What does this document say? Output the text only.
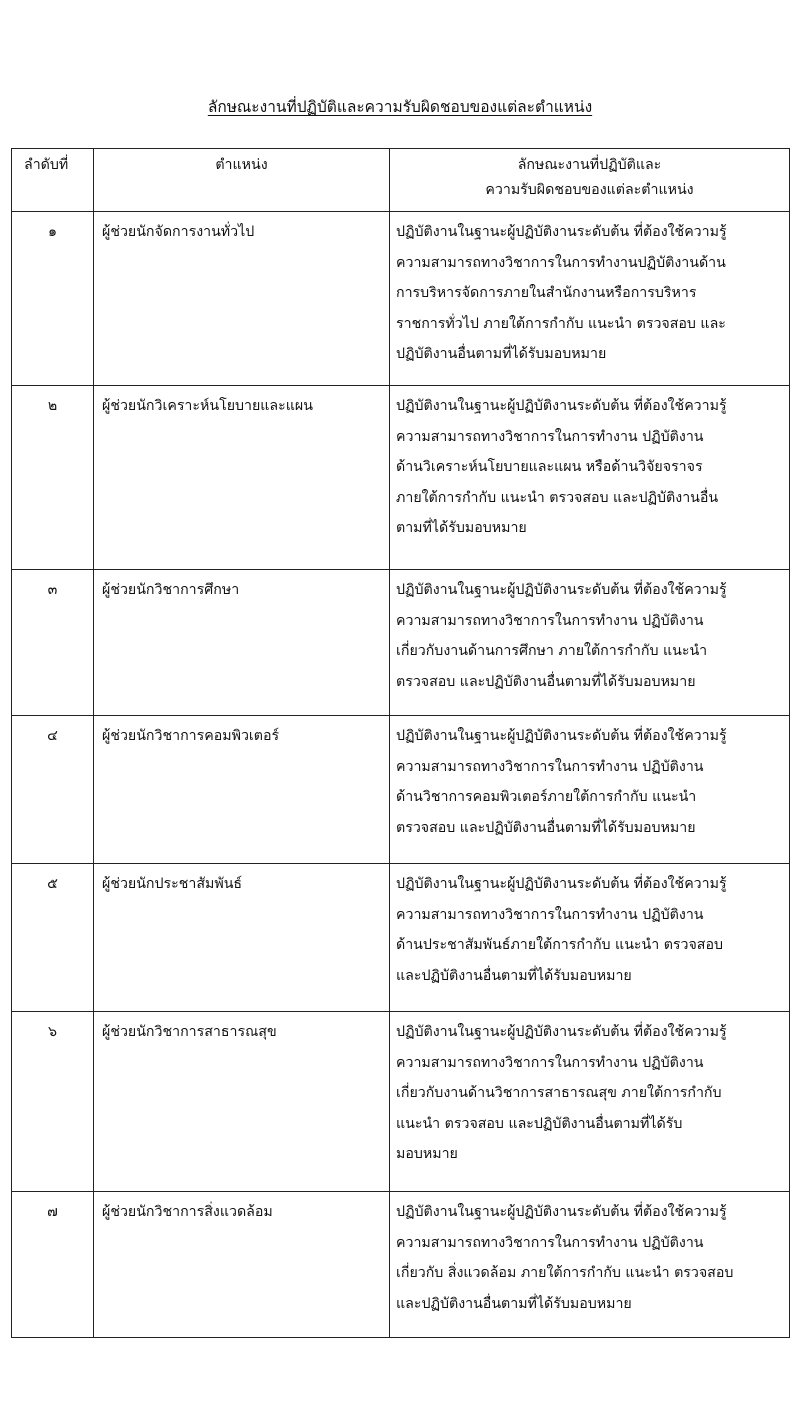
ลักษณะงานที่ปฏิบัติและความรับผิดชอบของแต่ละตำแหน่ง
ลำดับที่	ตำแหน่ง	ลักษณะงานที่ปฏิบัติและ
ความรับผิดชอบของแต่ละตำแหน่ง

๑	ผู้ช่วยนักจัดการงานทั่วไป	ปฏิบัติงานในฐานะผู้ปฏิบัติงานระดับต้น ที่ต้องใช้ความรู้
ความสามารถทางวิชาการในการทำงานปฏิบัติงานด้าน
การบริหารจัดการภายในสำนักงานหรือการบริหาร
ราชการทั่วไป ภายใต้การกำกับ แนะนำ ตรวจสอบ และ
ปฏิบัติงานอื่นตามที่ได้รับมอบหมาย

๒	ผู้ช่วยนักวิเคราะห์นโยบายและแผน	ปฏิบัติงานในฐานะผู้ปฏิบัติงานระดับต้น ที่ต้องใช้ความรู้
ความสามารถทางวิชาการในการทำงาน ปฏิบัติงาน
ด้านวิเคราะห์นโยบายและแผน หรือด้านวิจัยจราจร
ภายใต้การกำกับ แนะนำ ตรวจสอบ และปฏิบัติงานอื่น
ตามที่ได้รับมอบหมาย

๓	ผู้ช่วยนักวิชาการศึกษา	ปฏิบัติงานในฐานะผู้ปฏิบัติงานระดับต้น ที่ต้องใช้ความรู้
ความสามารถทางวิชาการในการทำงาน ปฏิบัติงาน
เกี่ยวกับงานด้านการศึกษา ภายใต้การกำกับ แนะนำ
ตรวจสอบ และปฏิบัติงานอื่นตามที่ได้รับมอบหมาย

๔	ผู้ช่วยนักวิชาการคอมพิวเตอร์	ปฏิบัติงานในฐานะผู้ปฏิบัติงานระดับต้น ที่ต้องใช้ความรู้
ความสามารถทางวิชาการในการทำงาน ปฏิบัติงาน
ด้านวิชาการคอมพิวเตอร์ภายใต้การกำกับ แนะนำ
ตรวจสอบ และปฏิบัติงานอื่นตามที่ได้รับมอบหมาย

๕	ผู้ช่วยนักประชาสัมพันธ์	ปฏิบัติงานในฐานะผู้ปฏิบัติงานระดับต้น ที่ต้องใช้ความรู้
ความสามารถทางวิชาการในการทำงาน ปฏิบัติงาน
ด้านประชาสัมพันธ์ภายใต้การกำกับ แนะนำ ตรวจสอบ
และปฏิบัติงานอื่นตามที่ได้รับมอบหมาย

๖	ผู้ช่วยนักวิชาการสาธารณสุข	ปฏิบัติงานในฐานะผู้ปฏิบัติงานระดับต้น ที่ต้องใช้ความรู้
ความสามารถทางวิชาการในการทำงาน ปฏิบัติงาน
เกี่ยวกับงานด้านวิชาการสาธารณสุข ภายใต้การกำกับ
แนะนำ ตรวจสอบ และปฏิบัติงานอื่นตามที่ได้รับ
มอบหมาย

๗	ผู้ช่วยนักวิชาการสิ่งแวดล้อม	ปฏิบัติงานในฐานะผู้ปฏิบัติงานระดับต้น ที่ต้องใช้ความรู้
ความสามารถทางวิชาการในการทำงาน ปฏิบัติงาน
เกี่ยวกับ สิ่งแวดล้อม ภายใต้การกำกับ แนะนำ ตรวจสอบ
และปฏิบัติงานอื่นตามที่ได้รับมอบหมาย
